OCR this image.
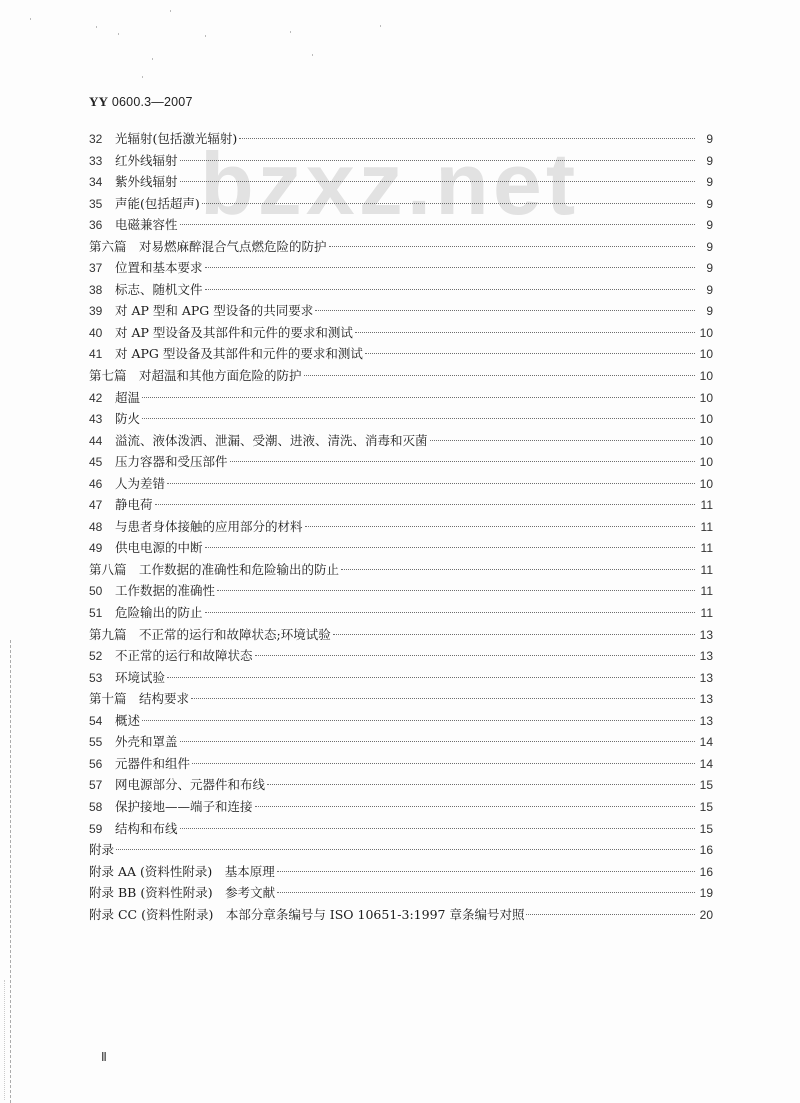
YY 0600.3—2007
bzxz.net
32	光辐射(包括激光辐射)	9
33	红外线辐射	9
34	紫外线辐射	9
35	声能(包括超声)	9
36	电磁兼容性	9
第六篇　对易燃麻醉混合气点燃危险的防护	9
37	位置和基本要求	9
38	标志、随机文件	9
39	对 AP 型和 APG 型设备的共同要求	9
40	对 AP 型设备及其部件和元件的要求和测试	10
41	对 APG 型设备及其部件和元件的要求和测试	10
第七篇　对超温和其他方面危险的防护	10
42	超温	10
43	防火	10
44	溢流、液体泼洒、泄漏、受潮、进液、清洗、消毒和灭菌	10
45	压力容器和受压部件	10
46	人为差错	10
47	静电荷	11
48	与患者身体接触的应用部分的材料	11
49	供电电源的中断	11
第八篇　工作数据的准确性和危险输出的防止	11
50	工作数据的准确性	11
51	危险输出的防止	11
第九篇　不正常的运行和故障状态;环境试验	13
52	不正常的运行和故障状态	13
53	环境试验	13
第十篇　结构要求	13
54	概述	13
55	外壳和罩盖	14
56	元器件和组件	14
57	网电源部分、元器件和布线	15
58	保护接地——端子和连接	15
59	结构和布线	15
附录	16
附录 AA (资料性附录)　基本原理	16
附录 BB (资料性附录)　参考文献	19
附录 CC (资料性附录)　本部分章条编号与 ISO 10651-3:1997 章条编号对照	20
Ⅱ
